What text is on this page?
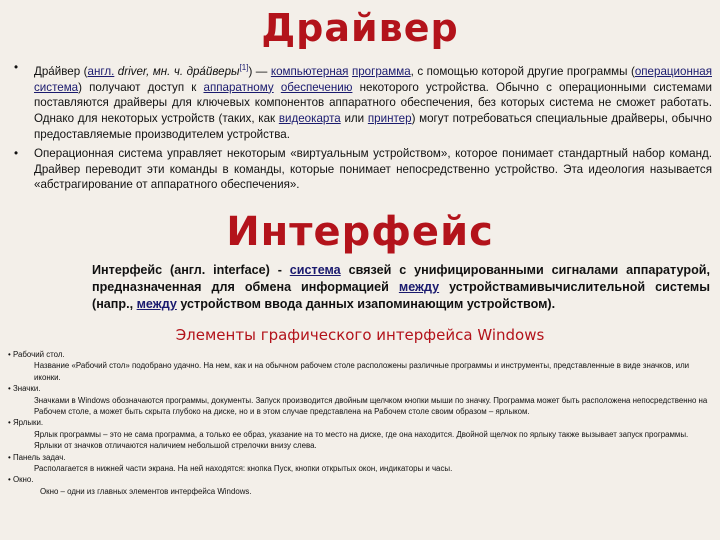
Драйвер
• Дра́йвер (англ. driver, мн. ч. дра́йверы[1]) — компьютерная программа, с помощью которой другие программы (операционная система) получают доступ к аппаратному обеспечению некоторого устройства. Обычно с операционными системами поставляются драйверы для ключевых компонентов аппаратного обеспечения, без которых система не сможет работать. Однако для некоторых устройств (таких, как видеокарта или принтер) могут потребоваться специальные драйверы, обычно предоставляемые производителем устройства.
• Операционная система управляет некоторым «виртуальным устройством», которое понимает стандартный набор команд. Драйвер переводит эти команды в команды, которые понимает непосредственно устройство. Эта идеология называется «абстрагирование от аппаратного обеспечения».
Интерфейс
Интерфейс (англ. interface) - система связей с унифицированными сигналами аппаратурой, предназначенная для обмена информацией между устройствамивычислительной системы (напр., между устройством ввода данных изапоминающим устройством).
Элементы графического интерфейса Windows
• Рабочий стол.
Название «Рабочий стол» подобрано удачно. На нем, как и на обычном рабочем столе расположены различные программы и инструменты, представленные в виде значков, или иконки.
• Значки.
Значками в Windows обозначаются программы, документы. Запуск производится двойным щелчком кнопки мыши по значку. Программа может быть расположена непосредственно на Рабочем столе, а может быть скрыта глубоко на диске, но и в этом случае представлена на Рабочем столе своим образом – ярлыком.
• Ярлыки.
Ярлык программы – это не сама программа, а только ее образ, указание на то место на диске, где она находится. Двойной щелчок по ярлыку также вызывает запуск программы. Ярлыки от значков отличаются наличием небольшой стрелочки внизу слева.
• Панель задач.
Располагается в нижней части экрана. На ней находятся: кнопка Пуск, кнопки открытых окон, индикаторы и часы.
• Окно.
Окно – одни из главных элементов интерфейса Windows.
